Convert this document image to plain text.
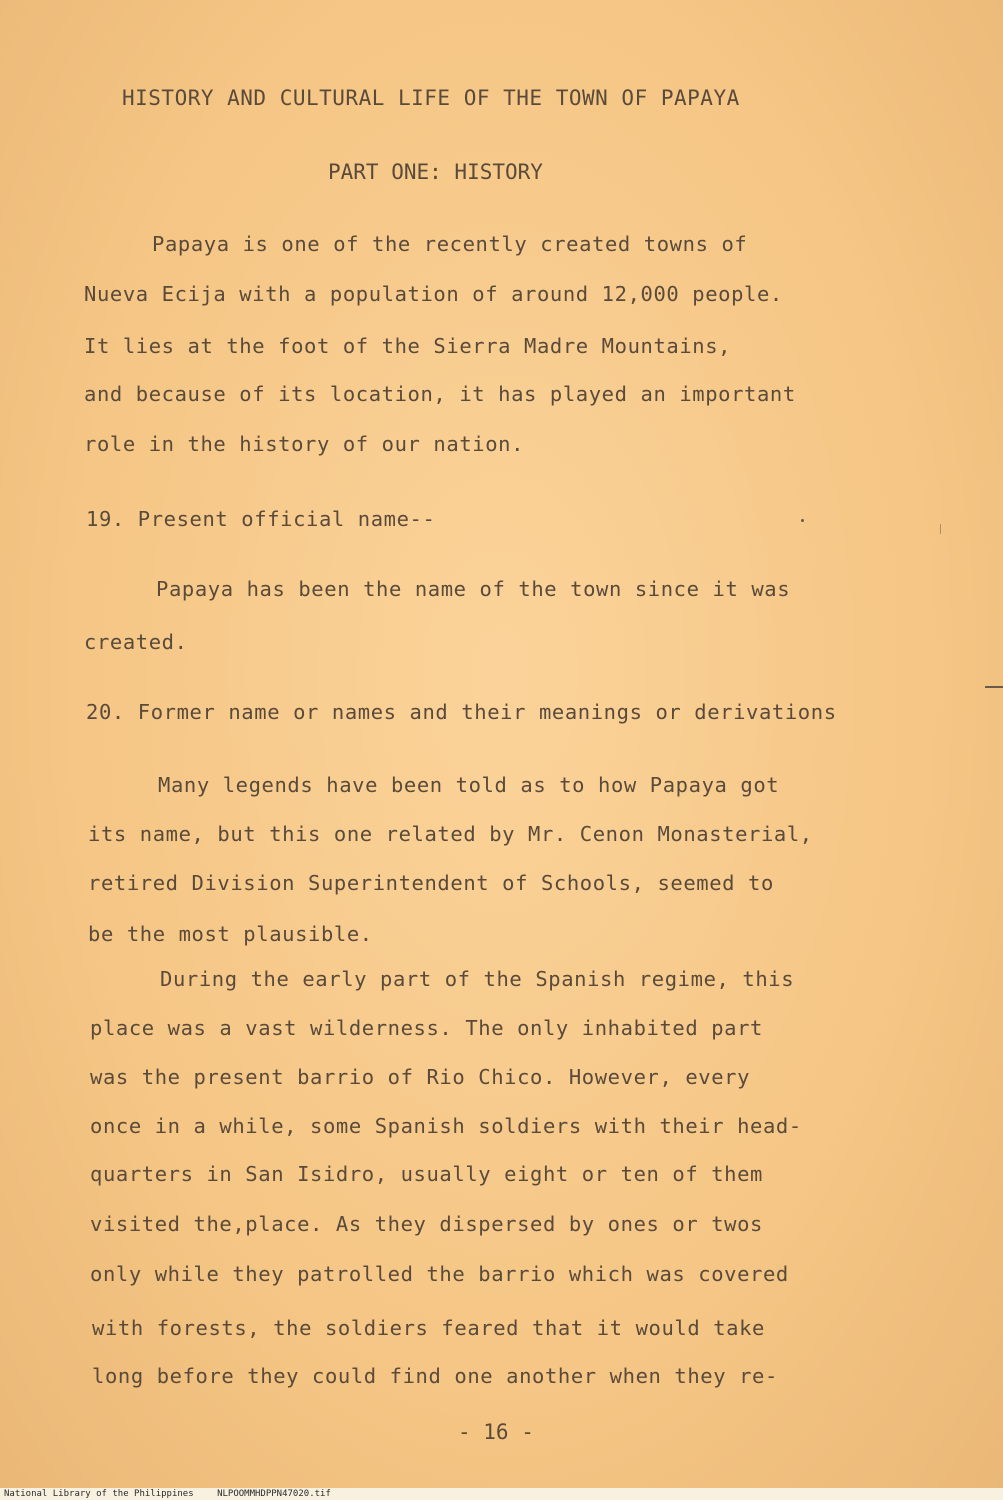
HISTORY AND CULTURAL LIFE OF THE TOWN OF PAPAYA
PART ONE: HISTORY
Papaya is one of the recently created towns of
Nueva Ecija with a population of around 12,000 people.
It lies at the foot of the Sierra Madre Mountains,
and because of its location, it has played an important
role in the history of our nation.
19. Present official name--
Papaya has been the name of the town since it was
created.
20. Former name or names and their meanings or derivations
Many legends have been told as to how Papaya got
its name, but this one related by Mr. Cenon Monasterial,
retired Division Superintendent of Schools, seemed to
be the most plausible.
During the early part of the Spanish regime, this
place was a vast wilderness. The only inhabited part
was the present barrio of Rio Chico. However, every
once in a while, some Spanish soldiers with their head-
quarters in San Isidro, usually eight or ten of them
visited the,place. As they dispersed by ones or twos
only while they patrolled the barrio which was covered
with forests, the soldiers feared that it would take
long before they could find one another when they re-
- 16 -
National Library of the Philippines	NLPOOMMHDPPN47020.tif
